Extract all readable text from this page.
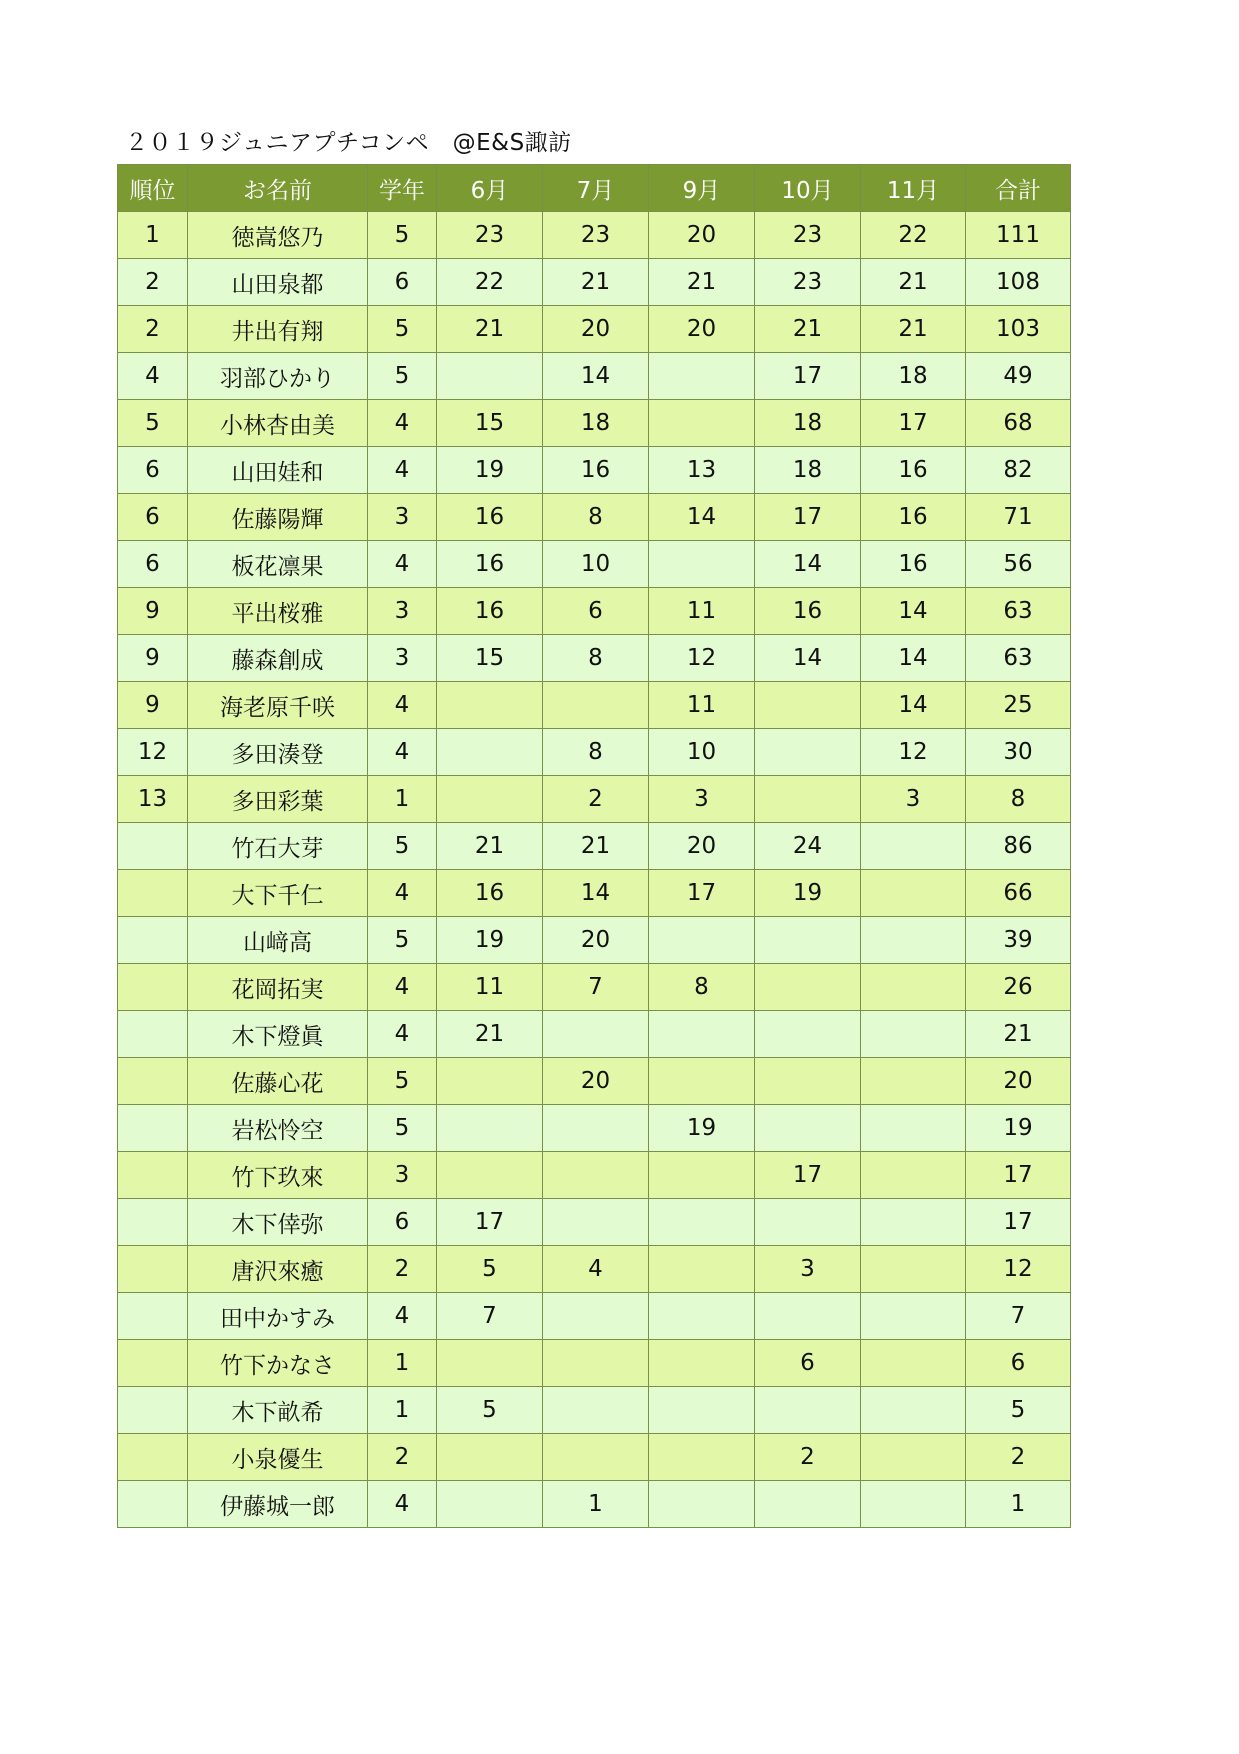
２０１９ジュニアプチコンペ　@E&S諏訪
順位	お名前	学年	6月	7月	9月	10月	11月	合計
1	徳嵩悠乃	5	23	23	20	23	22	111
2	山田泉都	6	22	21	21	23	21	108
2	井出有翔	5	21	20	20	21	21	103
4	羽部ひかり	5		14		17	18	49
5	小林杏由美	4	15	18		18	17	68
6	山田娃和	4	19	16	13	18	16	82
6	佐藤陽輝	3	16	8	14	17	16	71
6	板花凛果	4	16	10		14	16	56
9	平出桜雅	3	16	6	11	16	14	63
9	藤森創成	3	15	8	12	14	14	63
9	海老原千咲	4			11		14	25
12	多田湊登	4		8	10		12	30
13	多田彩葉	1		2	3		3	8
	竹石大芽	5	21	21	20	24		86
	大下千仁	4	16	14	17	19		66
	山﨑高	5	19	20				39
	花岡拓実	4	11	7	8			26
	木下燈眞	4	21					21
	佐藤心花	5		20				20
	岩松怜空	5			19			19
	竹下玖來	3				17		17
	木下倖弥	6	17					17
	唐沢來癒	2	5	4		3		12
	田中かすみ	4	7					7
	竹下かなさ	1				6		6
	木下畝希	1	5					5
	小泉優生	2				2		2
	伊藤城一郎	4		1				1
